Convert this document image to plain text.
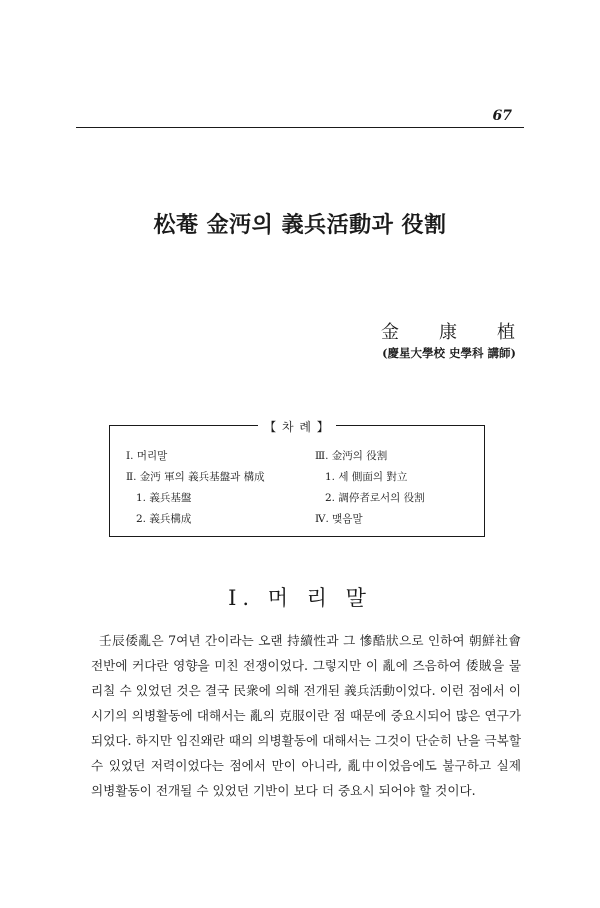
67
松菴 金沔의 義兵活動과 役割
金 康 植
(慶星大學校 史學科 講師)
【 차 례 】
Ⅰ. 머리말
Ⅱ. 金沔 軍의 義兵基盤과 構成
1. 義兵基盤
2. 義兵構成
Ⅲ. 金沔의 役割
1. 세 側面의 對立
2. 調停者로서의 役割
Ⅳ. 맺음말
Ⅰ. 머 리 말

壬辰倭亂은 7여년 간이라는 오랜 持續性과 그 慘酷狀으로 인하여 朝鮮社會 전반에 커다란 영향을 미친 전쟁이었다. 그렇지만 이 亂에 즈음하여 倭賊을 물리칠 수 있었던 것은 결국 民衆에 의해 전개된 義兵活動이었다. 이런 점에서 이 시기의 의병활동에 대해서는 亂의 克服이란 점 때문에 중요시되어 많은 연구가 되었다. 하지만 임진왜란 때의 의병활동에 대해서는 그것이 단순히 난을 극복할 수 있었던 저력이었다는 점에서 만이 아니라, 亂中이었음에도 불구하고 실제 의병활동이 전개될 수 있었던 기반이 보다 더 중요시 되어야 할 것이다.
